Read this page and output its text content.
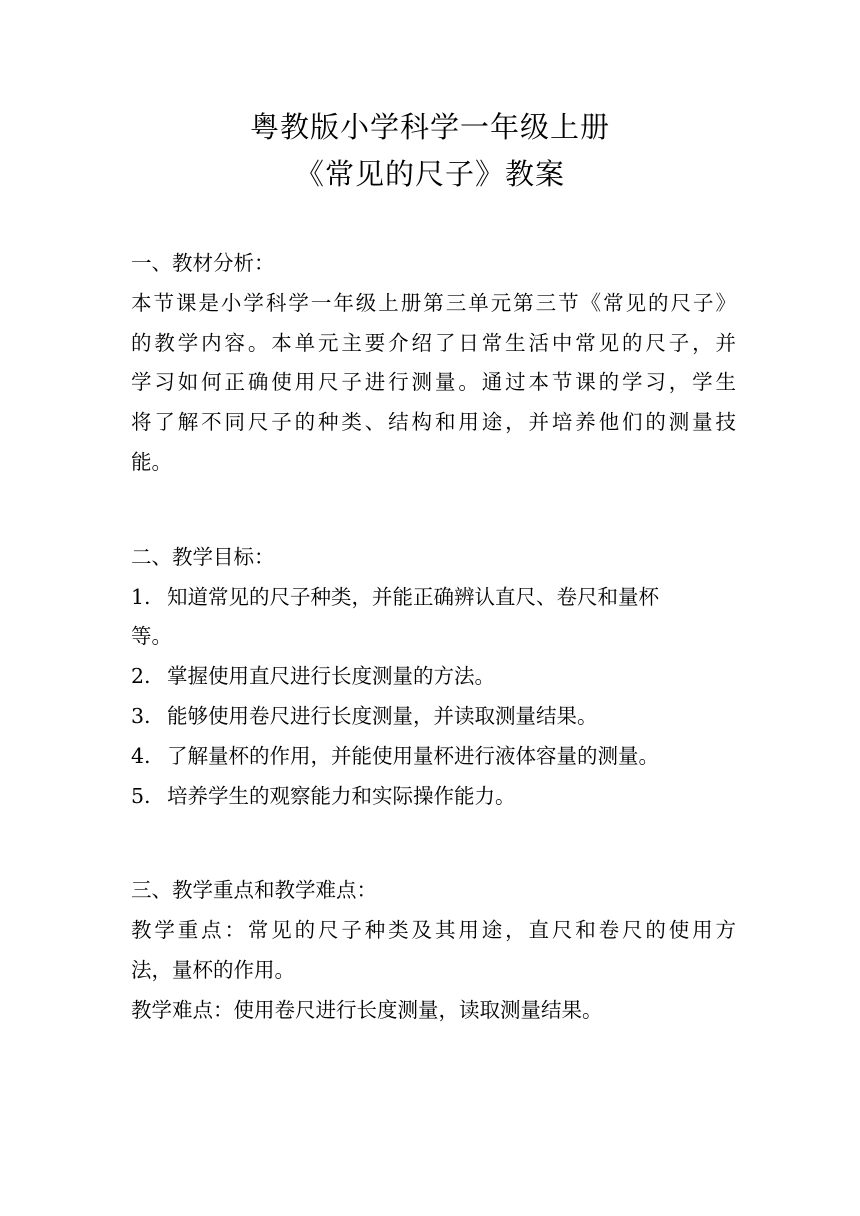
粤教版小学科学一年级上册
《常见的尺子》教案
一、教材分析：
本节课是小学科学一年级上册第三单元第三节《常见的尺子》
的教学内容。本单元主要介绍了日常生活中常见的尺子，并
学习如何正确使用尺子进行测量。通过本节课的学习，学生
将了解不同尺子的种类、结构和用途，并培养他们的测量技
能。
二、教学目标：
1. 知道常见的尺子种类，并能正确辨认直尺、卷尺和量杯
等。
2. 掌握使用直尺进行长度测量的方法。
3. 能够使用卷尺进行长度测量，并读取测量结果。
4. 了解量杯的作用，并能使用量杯进行液体容量的测量。
5. 培养学生的观察能力和实际操作能力。
三、教学重点和教学难点：
教学重点：常见的尺子种类及其用途，直尺和卷尺的使用方
法，量杯的作用。
教学难点：使用卷尺进行长度测量，读取测量结果。
